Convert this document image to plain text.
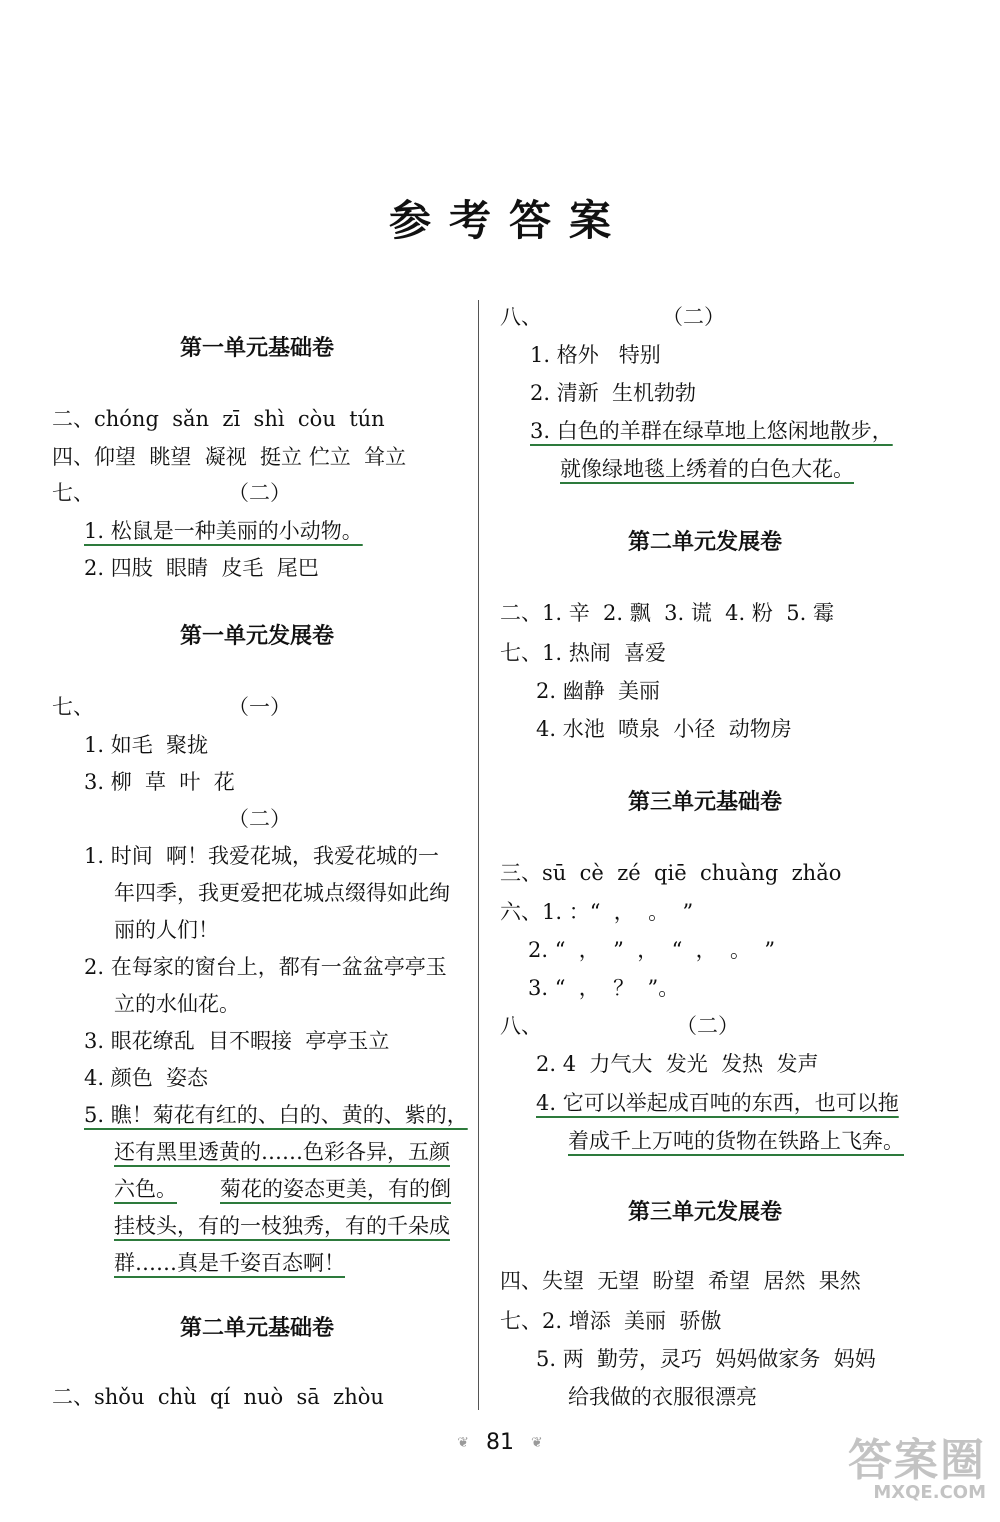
参考答案
第一单元基础卷
二、chóng  sǎn  zī  shì  còu  tún
四、仰望  眺望  凝视  挺立 伫立  耸立
七、	（二）
1. 松鼠是一种美丽的小动物。
2. 四肢  眼睛  皮毛  尾巴
第一单元发展卷
七、	（一）
1. 如毛  聚拢
3. 柳  草  叶  花
（二）
1. 时间  啊！我爱花城，我爱花城的一
年四季，我更爱把花城点缀得如此绚
丽的人们！
2. 在每家的窗台上，都有一盆盆亭亭玉
立的水仙花。
3. 眼花缭乱  目不暇接  亭亭玉立
4. 颜色  姿态
5. 瞧！菊花有红的、白的、黄的、紫的，
还有黑里透黄的……色彩各异，五颜
六色。 菊花的姿态更美，有的倒
挂枝头，有的一枝独秀，有的千朵成
群……真是千姿百态啊！
第二单元基础卷
二、shǒu  chù  qí  nuò  sā  zhòu
八、	（二）
1. 格外   特别
2. 清新  生机勃勃
3. 白色的羊群在绿草地上悠闲地散步，
就像绿地毯上绣着的白色大花。
第二单元发展卷
二、1. 辛  2. 飘  3. 谎  4. 粉  5. 霉
七、1. 热闹  喜爱
2. 幽静  美丽
4. 水池  喷泉  小径  动物房
第三单元基础卷
三、sū  cè  zé  qiē  chuàng  zhǎo
六、1. ：“  ，  。  ”
2. “  ，  ”  ，  “  ，  。  ”
3. “  ，  ？  ”。
八、	（二）
2. 4  力气大  发光  发热  发声
4. 它可以举起成百吨的东西，也可以拖
着成千上万吨的货物在铁路上飞奔。
第三单元发展卷
四、失望  无望  盼望  希望  居然  果然
七、2. 增添  美丽  骄傲
5. 两  勤劳，灵巧  妈妈做家务  妈妈
给我做的衣服很漂亮
❦ 81 ❦	答案圈
MXQE.COM
